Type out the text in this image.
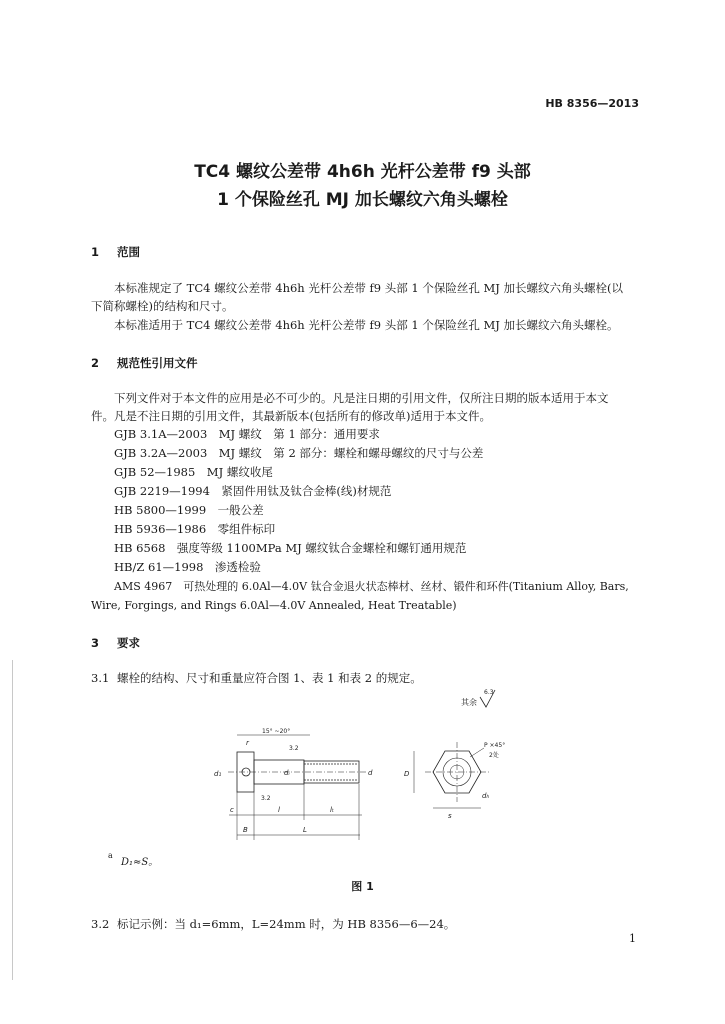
HB 8356—2013
TC4 螺纹公差带 4h6h 光杆公差带 f9 头部
1 个保险丝孔 MJ 加长螺纹六角头螺栓
1 范围
本标准规定了 TC4 螺纹公差带 4h6h 光杆公差带 f9 头部 1 个保险丝孔 MJ 加长螺纹六角头螺栓(以
下简称螺栓)的结构和尺寸。
本标准适用于 TC4 螺纹公差带 4h6h 光杆公差带 f9 头部 1 个保险丝孔 MJ 加长螺纹六角头螺栓。
2 规范性引用文件
下列文件对于本文件的应用是必不可少的。凡是注日期的引用文件，仅所注日期的版本适用于本文
件。凡是不注日期的引用文件，其最新版本(包括所有的修改单)适用于本文件。
GJB 3.1A—2003　MJ 螺纹　第 1 部分：通用要求
GJB 3.2A—2003　MJ 螺纹　第 2 部分：螺栓和螺母螺纹的尺寸与公差
GJB 52—1985　MJ 螺纹收尾
GJB 2219—1994　紧固件用钛及钛合金棒(线)材规范
HB 5800—1999　一般公差
HB 5936—1986　零组件标印
HB 6568　强度等级 1100MPa MJ 螺纹钛合金螺栓和螺钉通用规范
HB/Z 61—1998　渗透检验
AMS 4967　可热处理的 6.0Al—4.0V 钛合金退火状态棒材、丝材、锻件和环件(Titanium Alloy, Bars,
Wire, Forgings, and Rings 6.0Al—4.0V Annealed, Heat Treatable)
3 要求
3.1 螺栓的结构、尺寸和重量应符合图 1、表 1 和表 2 的规定。
其余
6.3
15° ~20°
r
3.2
3.2
d₁	dᵢ	d
c	l	lₜ
B	L
D
s
dₕ
P ×45°
2处
a
D₁≈S。
图 1
3.2 标记示例：当 d₁=6mm，L=24mm 时，为 HB 8356—6—24。
1
